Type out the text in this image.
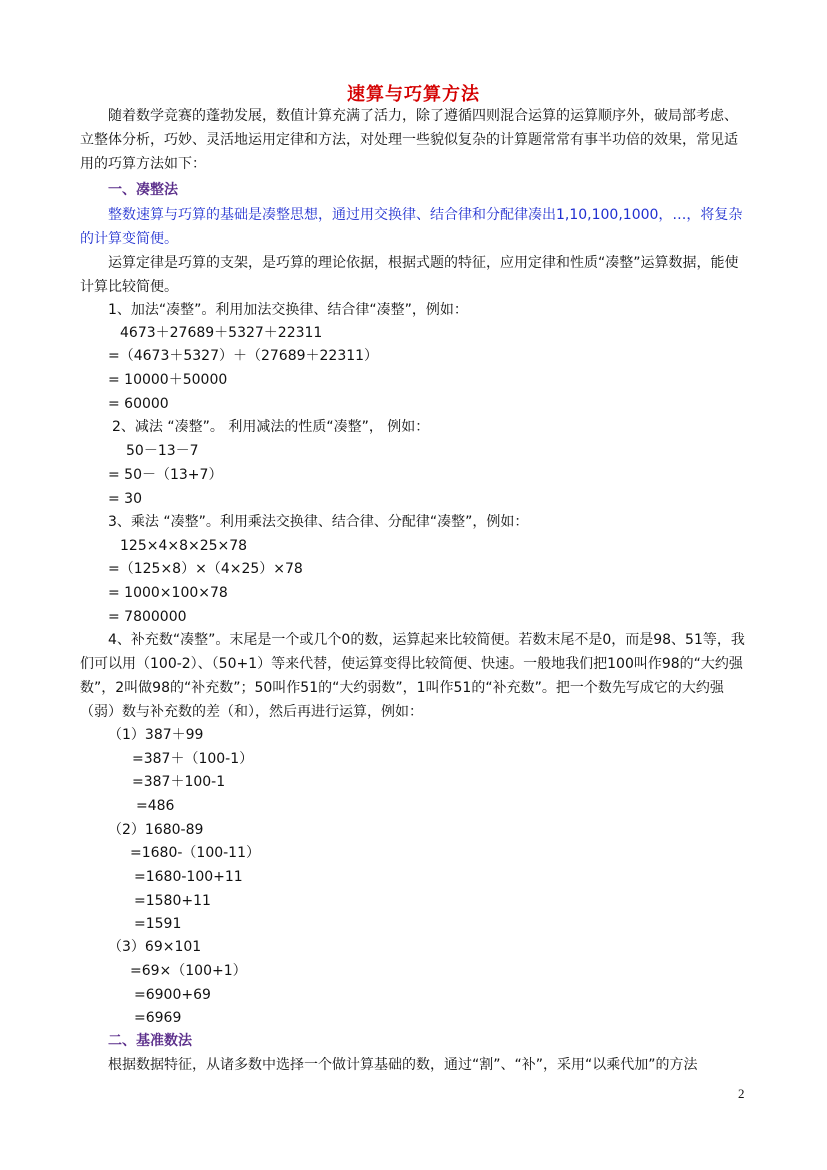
速算与巧算方法

随着数学竞赛的蓬勃发展，数值计算充满了活力，除了遵循四则混合运算的运算顺序外，破局部考虑、立整体分析，巧妙、灵活地运用定律和方法，对处理一些貌似复杂的计算题常常有事半功倍的效果，常见适用的巧算方法如下：

一、凑整法

整数速算与巧算的基础是凑整思想，通过用交换律、结合律和分配律凑出1,10,100,1000，…，将复杂的计算变简便。

运算定律是巧算的支架，是巧算的理论依据，根据式题的特征，应用定律和性质“凑整”运算数据，能使计算比较简便。

1、加法“凑整”。利用加法交换律、结合律“凑整”，例如：
4673＋27689＋5327＋22311
=（4673＋5327）＋（27689＋22311）
= 10000＋50000
= 60000
2、减法 “凑整”。 利用减法的性质“凑整”， 例如：
50－13－7
= 50－（13+7）
= 30
3、乘法 “凑整”。利用乘法交换律、结合律、分配律“凑整”，例如：
125×4×8×25×78
=（125×8）×（4×25）×78
= 1000×100×78
= 7800000

4、补充数“凑整”。末尾是一个或几个0的数，运算起来比较简便。若数末尾不是0，而是98、51等，我们可以用（100-2）、（50+1）等来代替，使运算变得比较简便、快速。一般地我们把100叫作98的“大约强数”，2叫做98的“补充数”；50叫作51的“大约弱数”，1叫作51的“补充数”。把一个数先写成它的大约强（弱）数与补充数的差（和），然后再进行运算，例如：

（1）387＋99
=387＋（100-1）
=387＋100-1
=486
（2）1680-89
=1680-（100-11）
=1680-100+11
=1580+11
=1591
（3）69×101
=69×（100+1）
=6900+69
=6969
二、基准数法
根据数据特征，从诸多数中选择一个做计算基础的数，通过“割”、“补”，采用“以乘代加”的方法
2
